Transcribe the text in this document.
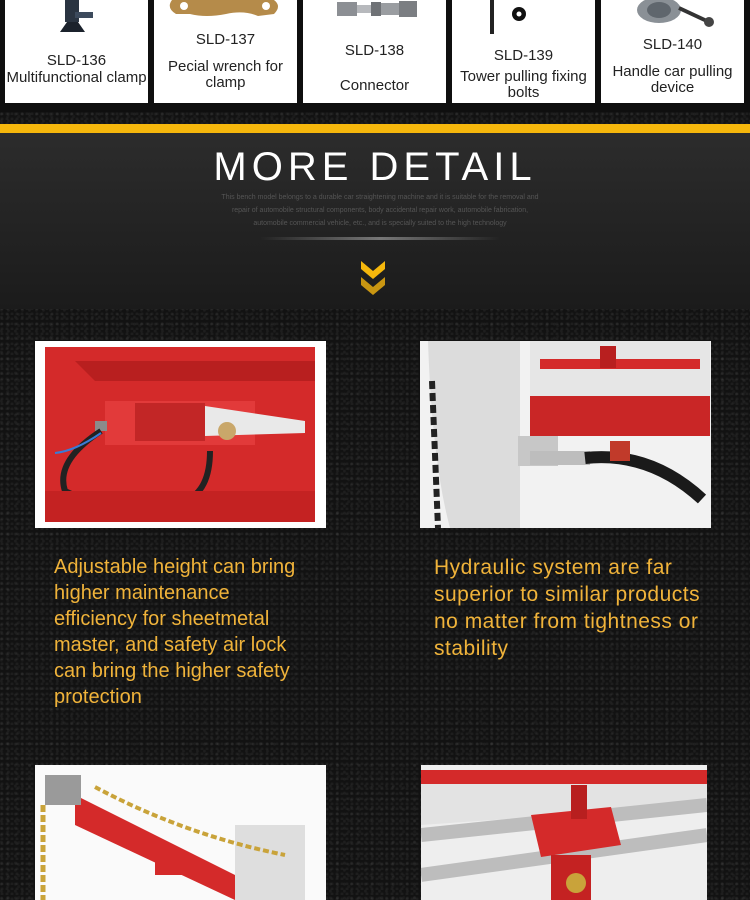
SLD-136
Multifunctional clamp
SLD-137
Pecial wrench for clamp
SLD-138
Connector
SLD-139
Tower pulling fixing bolts
SLD-140
Handle car pulling device
MORE DETAIL
This bench model belongs to a durable car straightening machine and it is suitable for the removal and repair of automobile structural components, body accidental repair work, automobile fabrication, automobile commercial vehicle, etc., and is specially suited to the high technology

Adjustable height can bring higher maintenance efficiency for sheetmetal master, and safety air lock can bring the higher safety protection

Hydraulic system are far superior to similar products no matter from tightness or stability
